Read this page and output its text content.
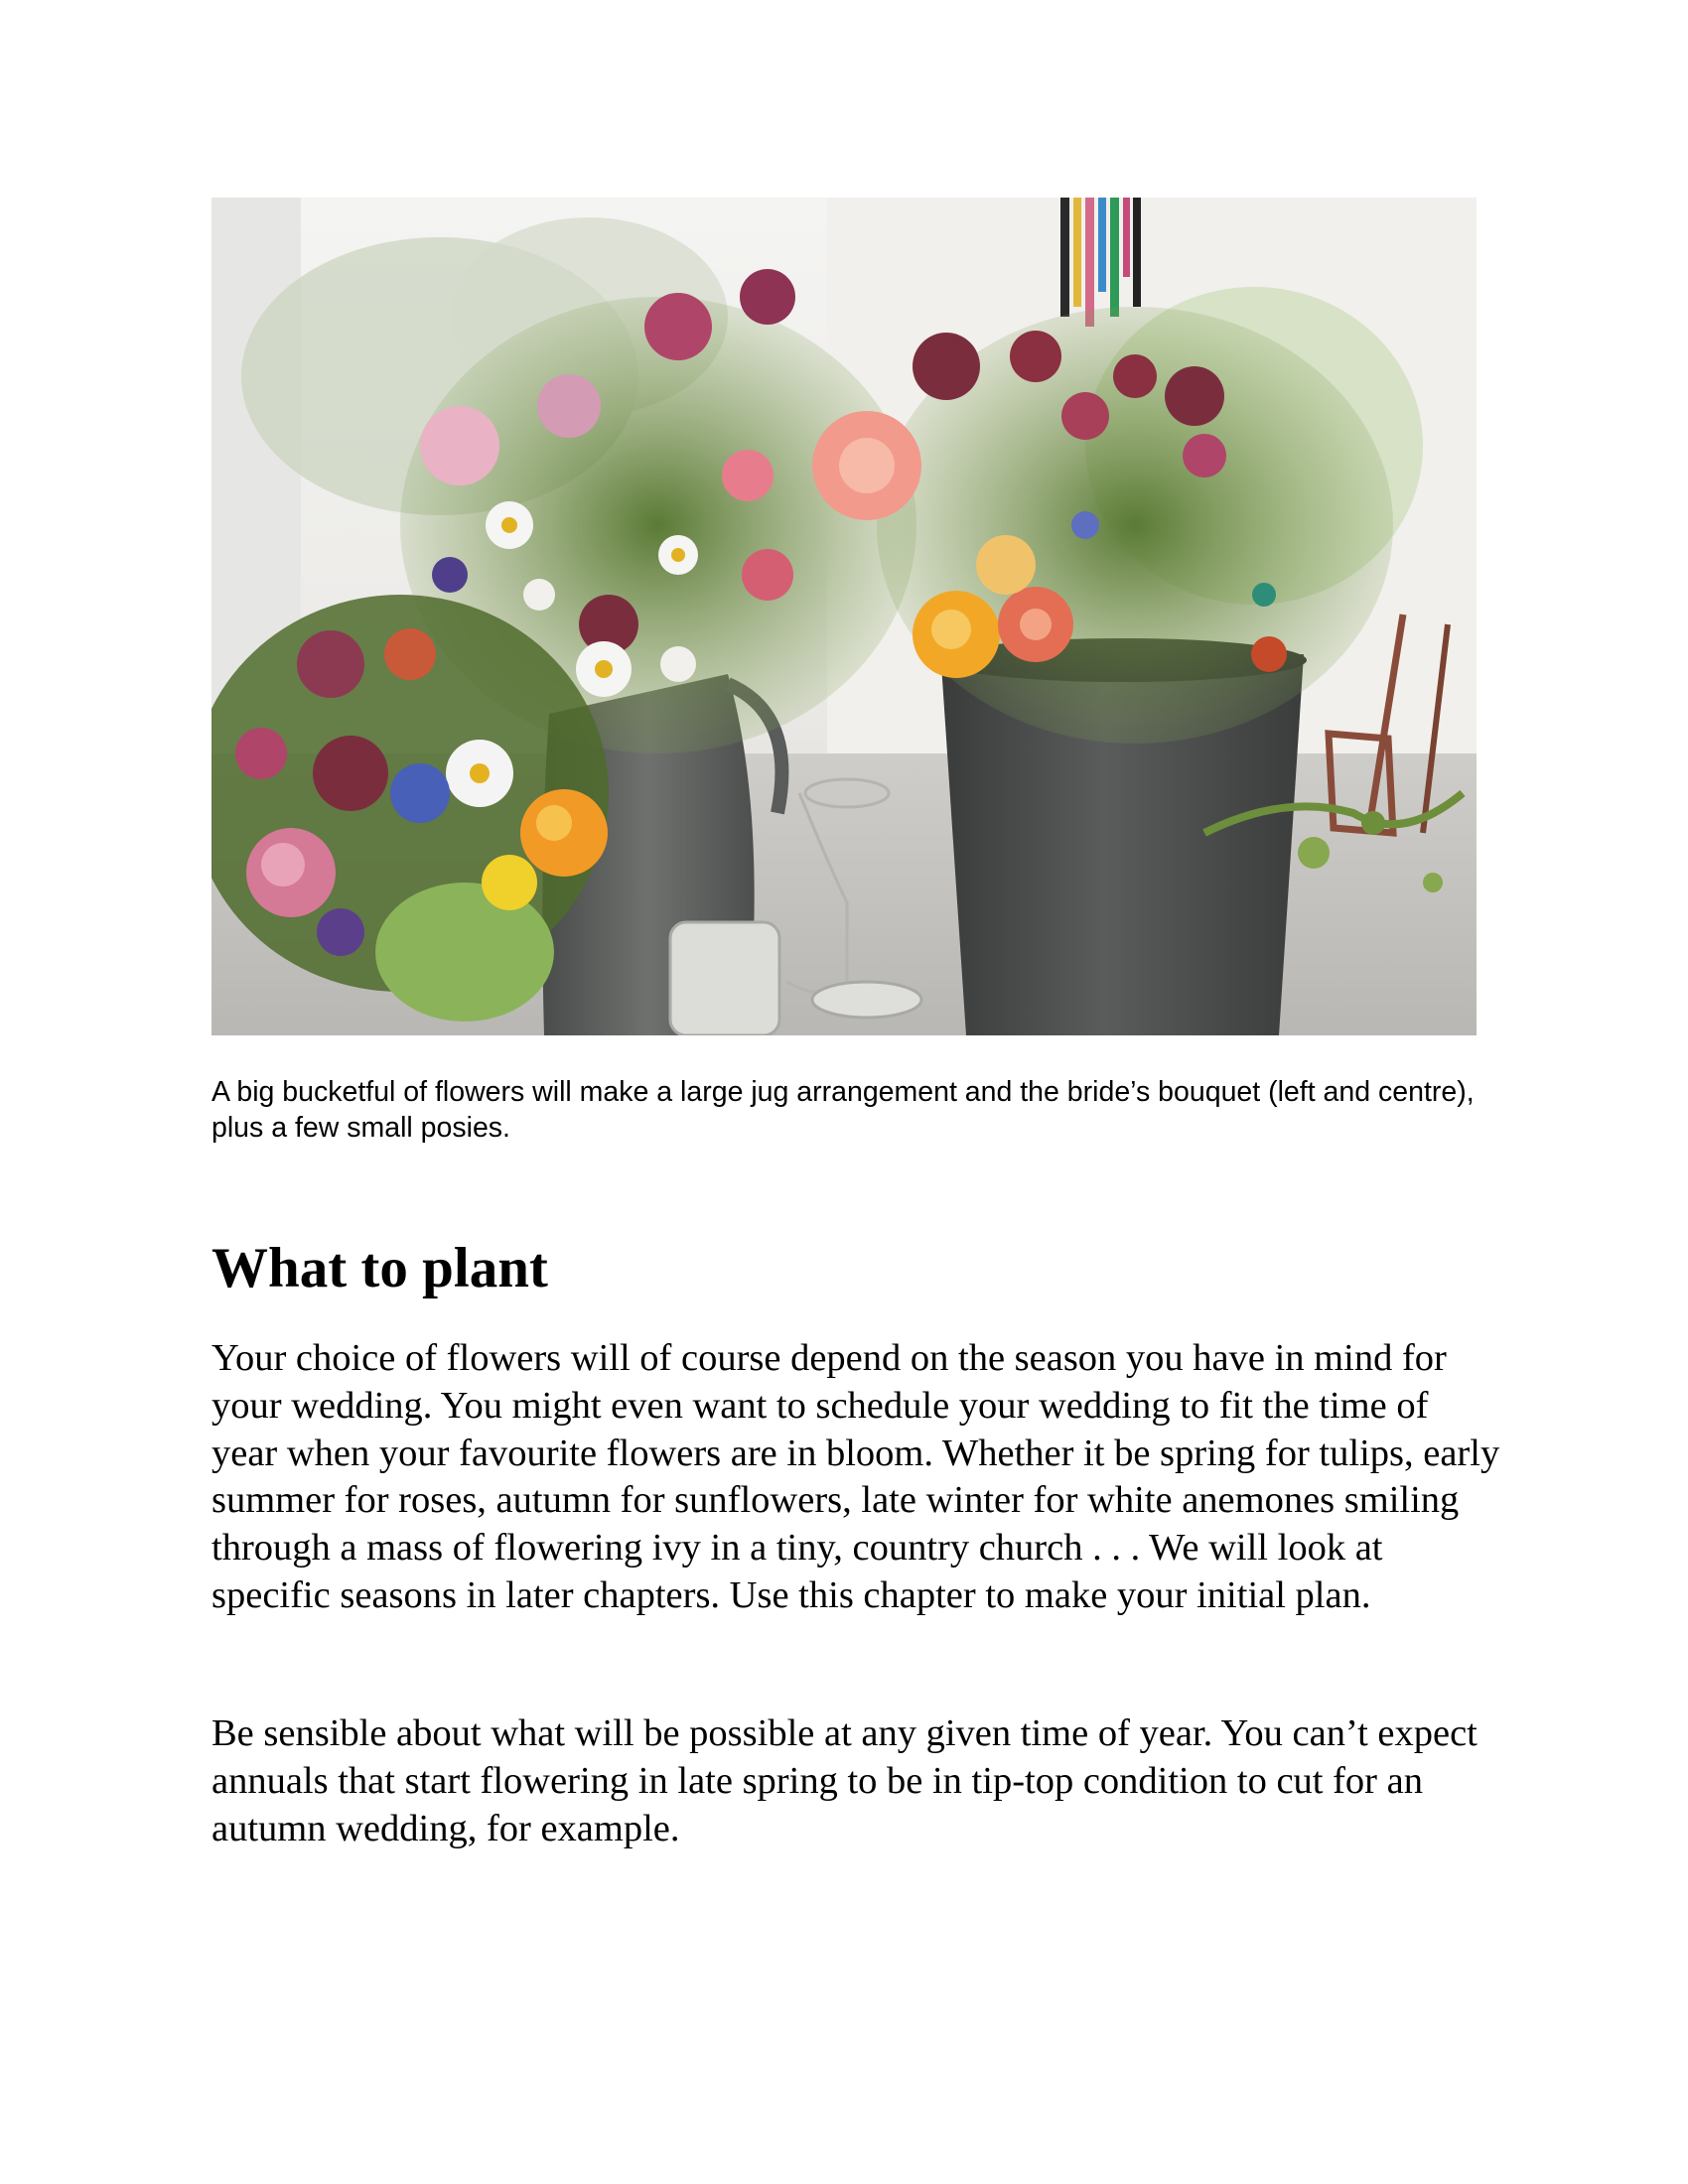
A big bucketful of flowers will make a large jug arrangement and the bride’s bouquet (left and centre), plus a few small posies.

What to plant

Your choice of flowers will of course depend on the season you have in mind for your wedding. You might even want to schedule your wedding to fit the time of year when your favourite flowers are in bloom. Whether it be spring for tulips, early summer for roses, autumn for sunflowers, late winter for white anemones smiling through a mass of flowering ivy in a tiny, country church . . . We will look at specific seasons in later chapters. Use this chapter to make your initial plan.

Be sensible about what will be possible at any given time of year. You can’t expect annuals that start flowering in late spring to be in tip-top condition to cut for an autumn wedding, for example.
